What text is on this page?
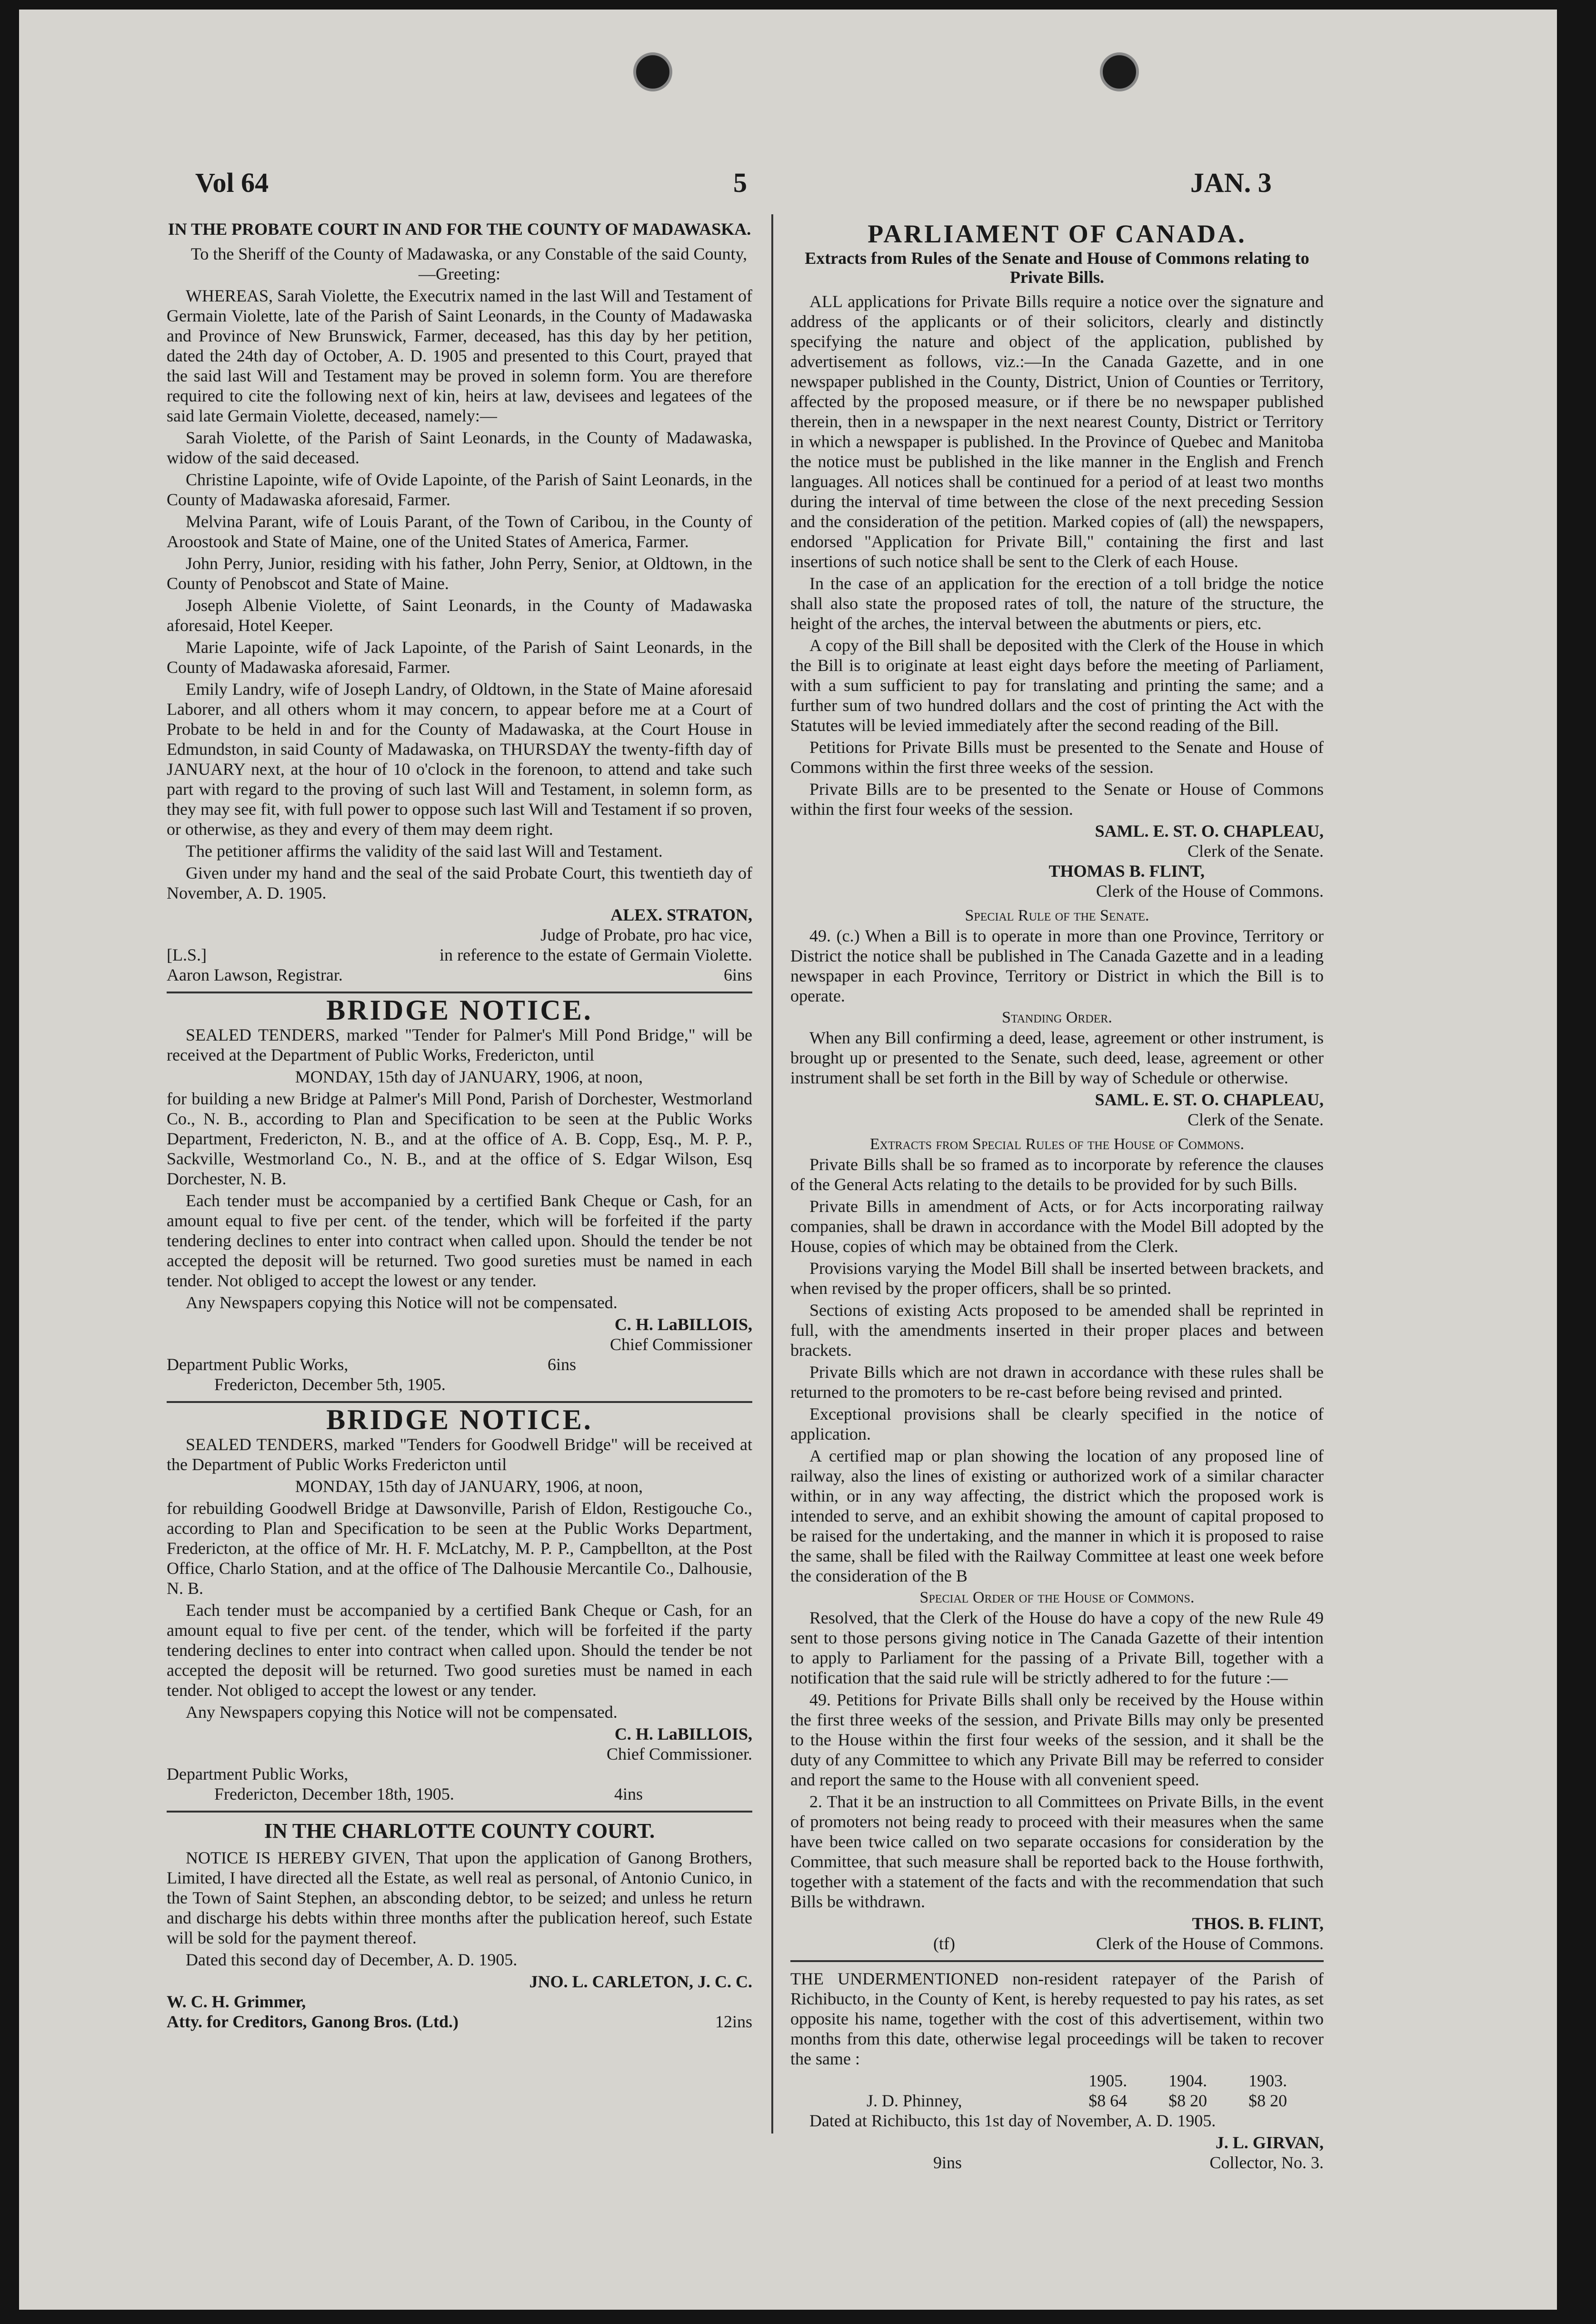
Vol 64	5	JAN. 3
IN THE PROBATE COURT IN AND FOR THE COUNTY OF MADAWASKA.

To the Sheriff of the County of Madawaska, or any Constable of the said County,—Greeting:

WHEREAS, Sarah Violette, the Executrix named in the last Will and Testament of Germain Violette, late of the Parish of Saint Leonards, in the County of Madawaska and Province of New Brunswick, Farmer, deceased, has this day by her petition, dated the 24th day of October, A. D. 1905 and presented to this Court, prayed that the said last Will and Testament may be proved in solemn form. You are therefore required to cite the following next of kin, heirs at law, devisees and legatees of the said late Germain Violette, deceased, namely:—

Sarah Violette, of the Parish of Saint Leonards, in the County of Madawaska, widow of the said deceased.

Christine Lapointe, wife of Ovide Lapointe, of the Parish of Saint Leonards, in the County of Madawaska aforesaid, Farmer.

Melvina Parant, wife of Louis Parant, of the Town of Caribou, in the County of Aroostook and State of Maine, one of the United States of America, Farmer.

John Perry, Junior, residing with his father, John Perry, Senior, at Oldtown, in the County of Penobscot and State of Maine.

Joseph Albenie Violette, of Saint Leonards, in the County of Madawaska aforesaid, Hotel Keeper.

Marie Lapointe, wife of Jack Lapointe, of the Parish of Saint Leonards, in the County of Madawaska aforesaid, Farmer.

Emily Landry, wife of Joseph Landry, of Oldtown, in the State of Maine aforesaid Laborer, and all others whom it may concern, to appear before me at a Court of Probate to be held in and for the County of Madawaska, at the Court House in Edmundston, in said County of Madawaska, on THURSDAY the twenty-fifth day of JANUARY next, at the hour of 10 o'clock in the forenoon, to attend and take such part with regard to the proving of such last Will and Testament, in solemn form, as they may see fit, with full power to oppose such last Will and Testament if so proven, or otherwise, as they and every of them may deem right.

The petitioner affirms the validity of the said last Will and Testament.

Given under my hand and the seal of the said Probate Court, this twentieth day of November, A. D. 1905.

ALEX. STRATON,
Judge of Probate, pro hac vice,
[L.S.]	in reference to the estate of Germain Violette.
Aaron Lawson, Registrar.	6ins
BRIDGE NOTICE.

SEALED TENDERS, marked "Tender for Palmer's Mill Pond Bridge," will be received at the Department of Public Works, Fredericton, until

MONDAY, 15th day of JANUARY, 1906, at noon,

for building a new Bridge at Palmer's Mill Pond, Parish of Dorchester, Westmorland Co., N. B., according to Plan and Specification to be seen at the Public Works Department, Fredericton, N. B., and at the office of A. B. Copp, Esq., M. P. P., Sackville, Westmorland Co., N. B., and at the office of S. Edgar Wilson, Esq Dorchester, N. B.

Each tender must be accompanied by a certified Bank Cheque or Cash, for an amount equal to five per cent. of the tender, which will be forfeited if the party tendering declines to enter into contract when called upon. Should the tender be not accepted the deposit will be returned. Two good sureties must be named in each tender. Not obliged to accept the lowest or any tender.

Any Newspapers copying this Notice will not be compensated.

C. H. LaBILLOIS,
Chief Commissioner
Department Public Works,	6ins
Fredericton, December 5th, 1905.
BRIDGE NOTICE.

SEALED TENDERS, marked "Tenders for Goodwell Bridge" will be received at the Department of Public Works Fredericton until

MONDAY, 15th day of JANUARY, 1906, at noon,

for rebuilding Goodwell Bridge at Dawsonville, Parish of Eldon, Restigouche Co., according to Plan and Specification to be seen at the Public Works Department, Fredericton, at the office of Mr. H. F. McLatchy, M. P. P., Campbellton, at the Post Office, Charlo Station, and at the office of The Dalhousie Mercantile Co., Dalhousie, N. B.

Each tender must be accompanied by a certified Bank Cheque or Cash, for an amount equal to five per cent. of the tender, which will be forfeited if the party tendering declines to enter into contract when called upon. Should the tender be not accepted the deposit will be returned. Two good sureties must be named in each tender. Not obliged to accept the lowest or any tender.

Any Newspapers copying this Notice will not be compensated.

C. H. LaBILLOIS,
Chief Commissioner.
Department Public Works,
Fredericton, December 18th, 1905.	4ins
IN THE CHARLOTTE COUNTY COURT.

NOTICE IS HEREBY GIVEN, That upon the application of Ganong Brothers, Limited, I have directed all the Estate, as well real as personal, of Antonio Cunico, in the Town of Saint Stephen, an absconding debtor, to be seized; and unless he return and discharge his debts within three months after the publication hereof, such Estate will be sold for the payment thereof.

Dated this second day of December, A. D. 1905.

JNO. L. CARLETON, J. C. C.
W. C. H. Grimmer,
Atty. for Creditors, Ganong Bros. (Ltd.)	12ins
PARLIAMENT OF CANADA.
Extracts from Rules of the Senate and House of Commons relating to Private Bills.

ALL applications for Private Bills require a notice over the signature and address of the applicants or of their solicitors, clearly and distinctly specifying the nature and object of the application, published by advertisement as follows, viz.:—In the Canada Gazette, and in one newspaper published in the County, District, Union of Counties or Territory, affected by the proposed measure, or if there be no newspaper published therein, then in a newspaper in the next nearest County, District or Territory in which a newspaper is published. In the Province of Quebec and Manitoba the notice must be published in the like manner in the English and French languages. All notices shall be continued for a period of at least two months during the interval of time between the close of the next preceding Session and the consideration of the petition. Marked copies of (all) the newspapers, endorsed "Application for Private Bill," containing the first and last insertions of such notice shall be sent to the Clerk of each House.

In the case of an application for the erection of a toll bridge the notice shall also state the proposed rates of toll, the nature of the structure, the height of the arches, the interval between the abutments or piers, etc.

A copy of the Bill shall be deposited with the Clerk of the House in which the Bill is to originate at least eight days before the meeting of Parliament, with a sum sufficient to pay for translating and printing the same; and a further sum of two hundred dollars and the cost of printing the Act with the Statutes will be levied immediately after the second reading of the Bill.

Petitions for Private Bills must be presented to the Senate and House of Commons within the first three weeks of the session.

Private Bills are to be presented to the Senate or House of Commons within the first four weeks of the session.

SAML. E. ST. O. CHAPLEAU,
Clerk of the Senate.
THOMAS B. FLINT,
Clerk of the House of Commons.
Special Rule of the Senate.

49. (c.) When a Bill is to operate in more than one Province, Territory or District the notice shall be published in The Canada Gazette and in a leading newspaper in each Province, Territory or District in which the Bill is to operate.

Standing Order.

When any Bill confirming a deed, lease, agreement or other instrument, is brought up or presented to the Senate, such deed, lease, agreement or other instrument shall be set forth in the Bill by way of Schedule or otherwise.

SAML. E. ST. O. CHAPLEAU,
Clerk of the Senate.
Extracts from Special Rules of the House of Commons.

Private Bills shall be so framed as to incorporate by reference the clauses of the General Acts relating to the details to be provided for by such Bills.

Private Bills in amendment of Acts, or for Acts incorporating railway companies, shall be drawn in accordance with the Model Bill adopted by the House, copies of which may be obtained from the Clerk.

Provisions varying the Model Bill shall be inserted between brackets, and when revised by the proper officers, shall be so printed.

Sections of existing Acts proposed to be amended shall be reprinted in full, with the amendments inserted in their proper places and between brackets.

Private Bills which are not drawn in accordance with these rules shall be returned to the promoters to be re-cast before being revised and printed.

Exceptional provisions shall be clearly specified in the notice of application.

A certified map or plan showing the location of any proposed line of railway, also the lines of existing or authorized work of a similar character within, or in any way affecting, the district which the proposed work is intended to serve, and an exhibit showing the amount of capital proposed to be raised for the undertaking, and the manner in which it is proposed to raise the same, shall be filed with the Railway Committee at least one week before the consideration of the B

Special Order of the House of Commons.

Resolved, that the Clerk of the House do have a copy of the new Rule 49 sent to those persons giving notice in The Canada Gazette of their intention to apply to Parliament for the passing of a Private Bill, together with a notification that the said rule will be strictly adhered to for the future :—

49. Petitions for Private Bills shall only be received by the House within the first three weeks of the session, and Private Bills may only be presented to the House within the first four weeks of the session, and it shall be the duty of any Committee to which any Private Bill may be referred to consider and report the same to the House with all convenient speed.

2. That it be an instruction to all Committees on Private Bills, in the event of promoters not being ready to proceed with their measures when the same have been twice called on two separate occasions for consideration by the Committee, that such measure shall be reported back to the House forthwith, together with a statement of the facts and with the recommendation that such Bills be withdrawn.

THOS. B. FLINT,
(tf)	Clerk of the House of Commons.

THE UNDERMENTIONED non-resident ratepayer of the Parish of Richibucto, in the County of Kent, is hereby requested to pay his rates, as set opposite his name, together with the cost of this advertisement, within two months from this date, otherwise legal proceedings will be taken to recover the same :

	1905.	1904.	1903.
J. D. Phinney,	$8 64	$8 20	$8 20

Dated at Richibucto, this 1st day of November, A. D. 1905.

J. L. GIRVAN,
9ins	Collector, No. 3.
